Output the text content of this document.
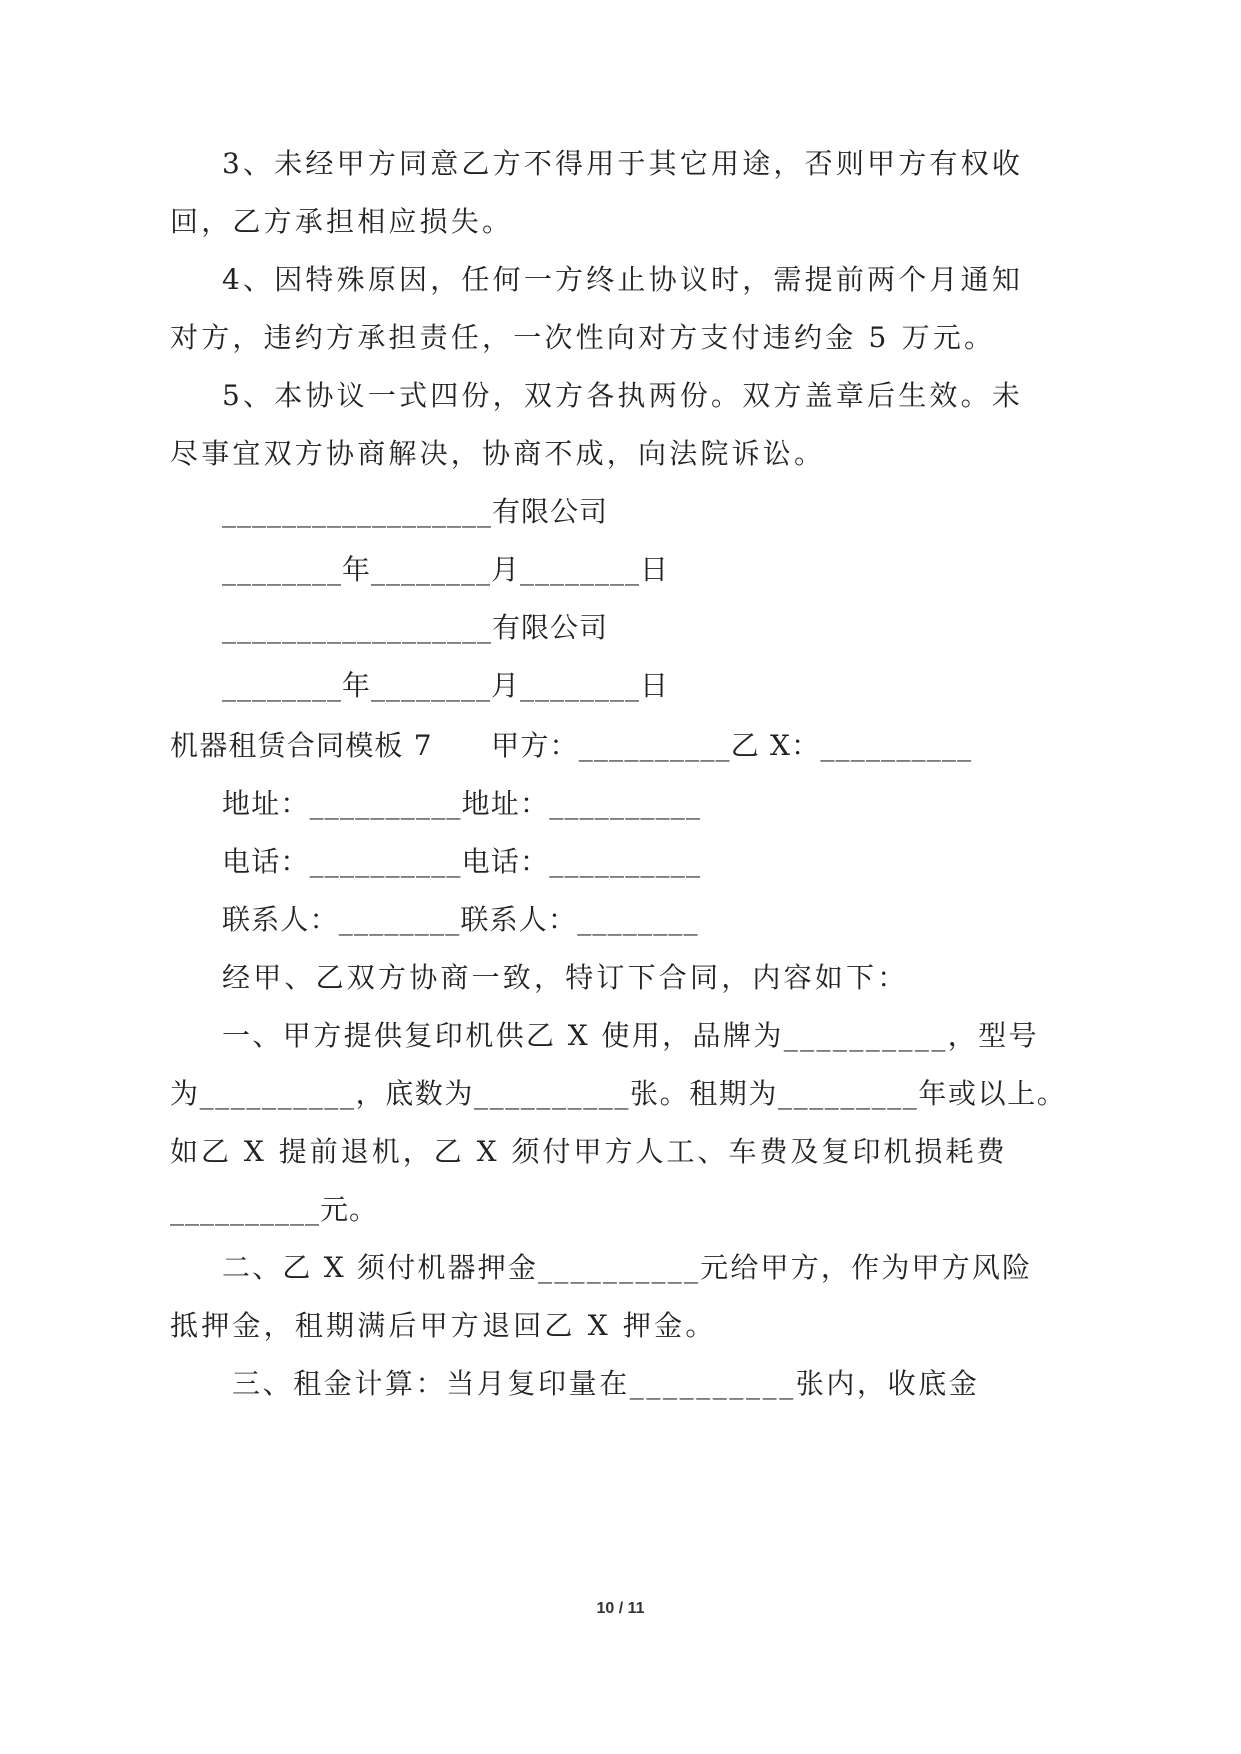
3、未经甲方同意乙方不得用于其它用途，否则甲方有权收
回，乙方承担相应损失。
4、因特殊原因，任何一方终止协议时，需提前两个月通知
对方，违约方承担责任，一次性向对方支付违约金 5 万元。
5、本协议一式四份，双方各执两份。双方盖章后生效。未
尽事宜双方协商解决，协商不成，向法院诉讼。
__________________有限公司
________年________月________日
__________________有限公司
________年________月________日
机器租赁合同模板 7　　甲方：__________乙 X：__________
地址：__________地址：__________
电话：__________电话：__________
联系人：________联系人：________
经甲、乙双方协商一致，特订下合同，内容如下：
一、甲方提供复印机供乙 X 使用，品牌为__________，型号
为__________，底数为__________张。租期为_________年或以上。
如乙 X 提前退机，乙 X 须付甲方人工、车费及复印机损耗费
__________元。
二、乙 X 须付机器押金__________元给甲方，作为甲方风险
抵押金，租期满后甲方退回乙 X 押金。
三、租金计算：当月复印量在__________张内，收底金
10 / 11
